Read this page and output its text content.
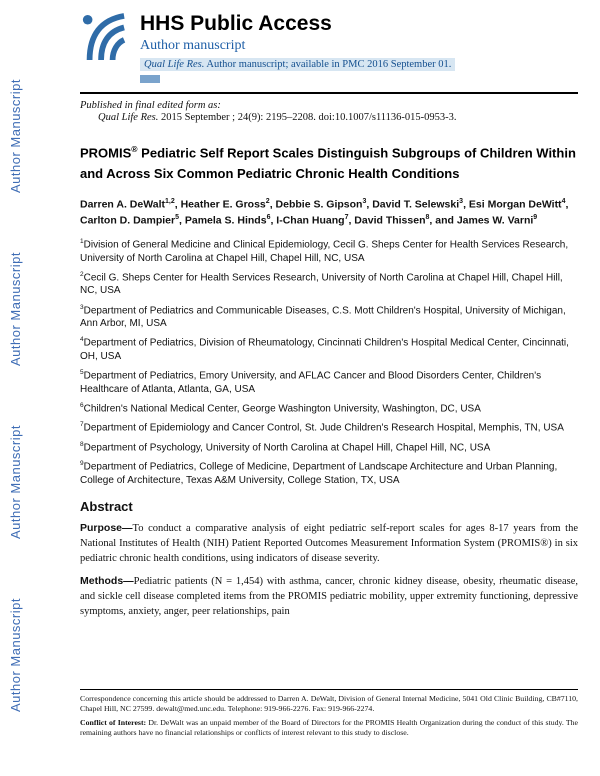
Author Manuscript
Author Manuscript
Author Manuscript
Author Manuscript
HHS Public Access
Author manuscript
Qual Life Res. Author manuscript; available in PMC 2016 September 01.

Published in final edited form as:

Qual Life Res. 2015 September ; 24(9): 2195–2208. doi:10.1007/s11136-015-0953-3.

PROMIS® Pediatric Self Report Scales Distinguish Subgroups of Children Within and Across Six Common Pediatric Chronic Health Conditions

Darren A. DeWalt$^{1,2}$, Heather E. Gross$^2$, Debbie S. Gipson$^3$, David T. Selewski$^3$, Esi Morgan DeWitt$^4$, Carlton D. Dampier$^5$, Pamela S. Hinds$^6$, I-Chan Huang$^7$, David Thissen$^8$, and James W. Varni$^9$

$^1$Division of General Medicine and Clinical Epidemiology, Cecil G. Sheps Center for Health Services Research, University of North Carolina at Chapel Hill, Chapel Hill, NC, USA

$^2$Cecil G. Sheps Center for Health Services Research, University of North Carolina at Chapel Hill, Chapel Hill, NC, USA

$^3$Department of Pediatrics and Communicable Diseases, C.S. Mott Children's Hospital, University of Michigan, Ann Arbor, MI, USA

$^4$Department of Pediatrics, Division of Rheumatology, Cincinnati Children's Hospital Medical Center, Cincinnati, OH, USA

$^5$Department of Pediatrics, Emory University, and AFLAC Cancer and Blood Disorders Center, Children's Healthcare of Atlanta, Atlanta, GA, USA

$^6$Children's National Medical Center, George Washington University, Washington, DC, USA

$^7$Department of Epidemiology and Cancer Control, St. Jude Children's Research Hospital, Memphis, TN, USA

$^8$Department of Psychology, University of North Carolina at Chapel Hill, Chapel Hill, NC, USA

$^9$Department of Pediatrics, College of Medicine, Department of Landscape Architecture and Urban Planning, College of Architecture, Texas A&M University, College Station, TX, USA

Abstract

Purpose—To conduct a comparative analysis of eight pediatric self-report scales for ages 8-17 years from the National Institutes of Health (NIH) Patient Reported Outcomes Measurement Information System (PROMIS®) in six pediatric chronic health conditions, using indicators of disease severity.

Methods—Pediatric patients (N = 1,454) with asthma, cancer, chronic kidney disease, obesity, rheumatic disease, and sickle cell disease completed items from the PROMIS pediatric mobility, upper extremity functioning, depressive symptoms, anxiety, anger, peer relationships, pain

Correspondence concerning this article should be addressed to Darren A. DeWalt, Division of General Internal Medicine, 5041 Old Clinic Building, CB#7110, Chapel Hill, NC 27599. dewalt@med.unc.edu. Telephone: 919-966-2276. Fax: 919-966-2274.

Conflict of Interest: Dr. DeWalt was an unpaid member of the Board of Directors for the PROMIS Health Organization during the conduct of this study. The remaining authors have no financial relationships or conflicts of interest relevant to this study to disclose.
